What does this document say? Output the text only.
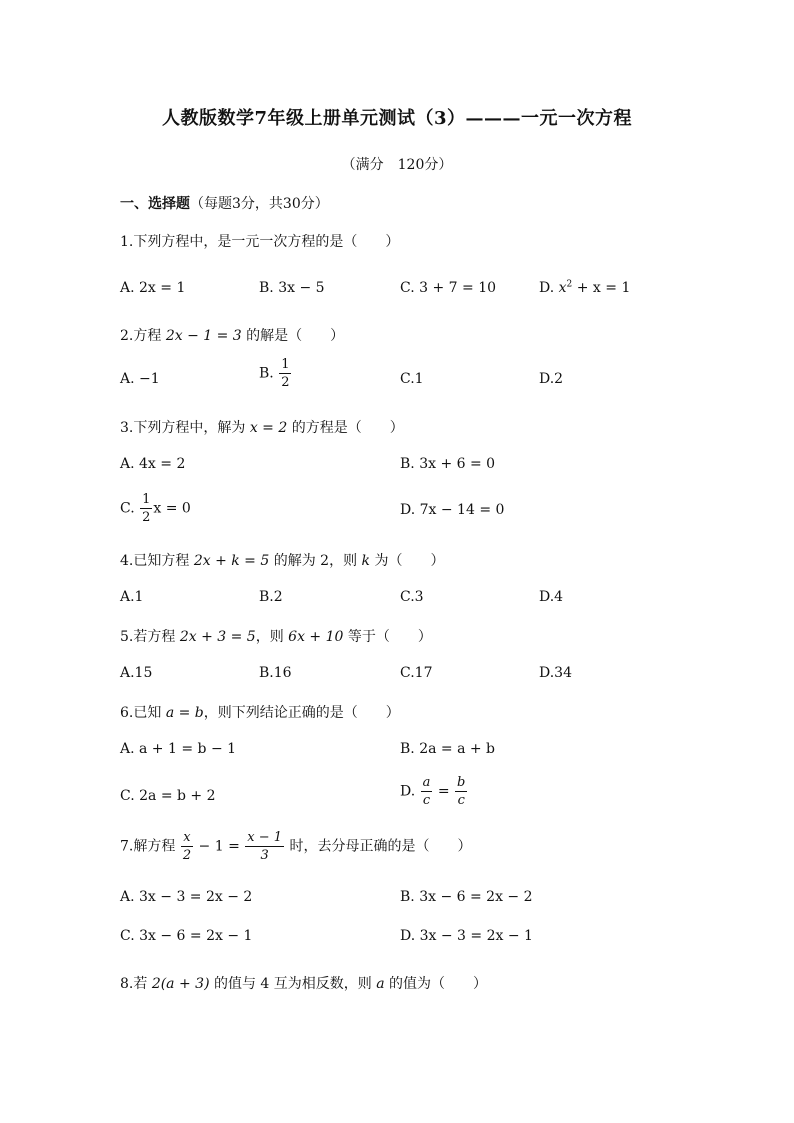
人教版数学7年级上册单元测试（3）———一元一次方程
（满分　120分）
一、选择题（每题3分，共30分）
1.下列方程中，是一元一次方程的是（　　）
A. 2x = 1	B. 3x − 5	C. 3 + 7 = 10	D. $x^2 + x = 1$
2.方程 2x − 1 = 3 的解是（　　）
A. −1	B. $\frac{1}{2}$	C.1	D.2
3.下列方程中，解为 x = 2 的方程是（　　）
A. 4x = 2	B. 3x + 6 = 0
C. $\frac{1}{2}$ x = 0	D. 7x − 14 = 0
4.已知方程 2x + k = 5 的解为 2，则 k 为（　　）
A.1	B.2	C.3	D.4
5.若方程 2x + 3 = 5，则 6x + 10 等于（　　）
A.15	B.16	C.17	D.34
6.已知 a = b，则下列结论正确的是（　　）
A. a + 1 = b − 1	B. 2a = a + b
C. 2a = b + 2	D. $\frac{a}{c} = \frac{b}{c}$
7.解方程 $\frac{x}{2} - 1 = \frac{x - 1}{3}$ 时，去分母正确的是（　　）
A. 3x − 3 = 2x − 2	B. 3x − 6 = 2x − 2
C. 3x − 6 = 2x − 1	D. 3x − 3 = 2x − 1
8.若 2(a + 3) 的值与 4 互为相反数，则 a 的值为（　　）
